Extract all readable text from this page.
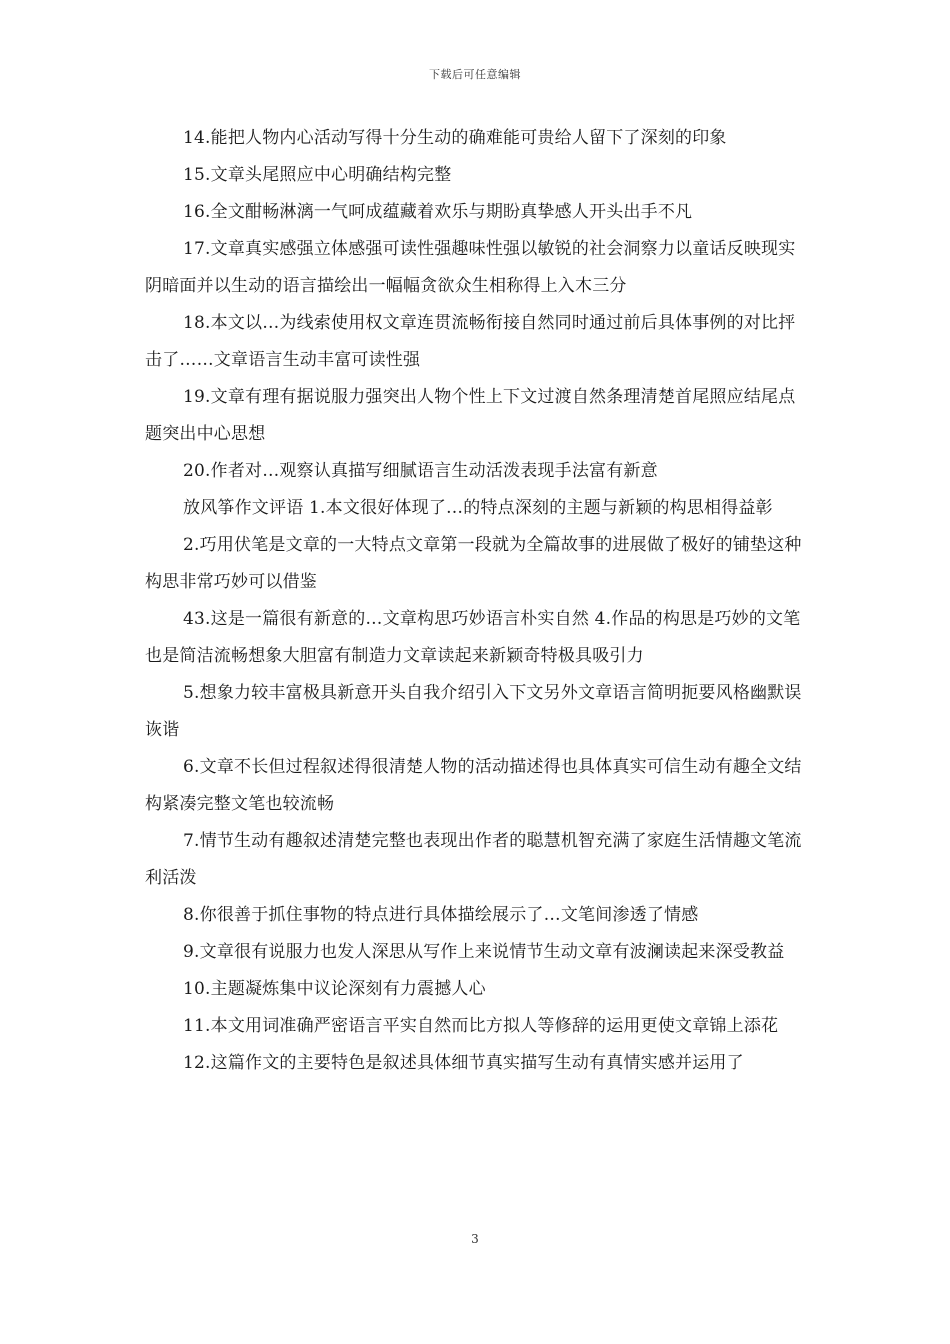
下载后可任意编辑

14.能把人物内心活动写得十分生动的确难能可贵给人留下了深刻的印象

15.文章头尾照应中心明确结构完整

16.全文酣畅淋漓一气呵成蕴藏着欢乐与期盼真挚感人开头出手不凡

17.文章真实感强立体感强可读性强趣味性强以敏锐的社会洞察力以童话反映现实阴暗面并以生动的语言描绘出一幅幅贪欲众生相称得上入木三分

18.本文以…为线索使用权文章连贯流畅衔接自然同时通过前后具体事例的对比抨击了……文章语言生动丰富可读性强

19.文章有理有据说服力强突出人物个性上下文过渡自然条理清楚首尾照应结尾点题突出中心思想

20.作者对…观察认真描写细腻语言生动活泼表现手法富有新意

放风筝作文评语 1.本文很好体现了…的特点深刻的主题与新颖的构思相得益彰

2.巧用伏笔是文章的一大特点文章第一段就为全篇故事的进展做了极好的铺垫这种构思非常巧妙可以借鉴

43.这是一篇很有新意的…文章构思巧妙语言朴实自然 4.作品的构思是巧妙的文笔也是简洁流畅想象大胆富有制造力文章读起来新颖奇特极具吸引力

5.想象力较丰富极具新意开头自我介绍引入下文另外文章语言简明扼要风格幽默误诙谐

6.文章不长但过程叙述得很清楚人物的活动描述得也具体真实可信生动有趣全文结构紧凑完整文笔也较流畅

7.情节生动有趣叙述清楚完整也表现出作者的聪慧机智充满了家庭生活情趣文笔流利活泼

8.你很善于抓住事物的特点进行具体描绘展示了…文笔间渗透了情感

9.文章很有说服力也发人深思从写作上来说情节生动文章有波澜读起来深受教益

10.主题凝炼集中议论深刻有力震撼人心

11.本文用词准确严密语言平实自然而比方拟人等修辞的运用更使文章锦上添花

12.这篇作文的主要特色是叙述具体细节真实描写生动有真情实感并运用了

3
